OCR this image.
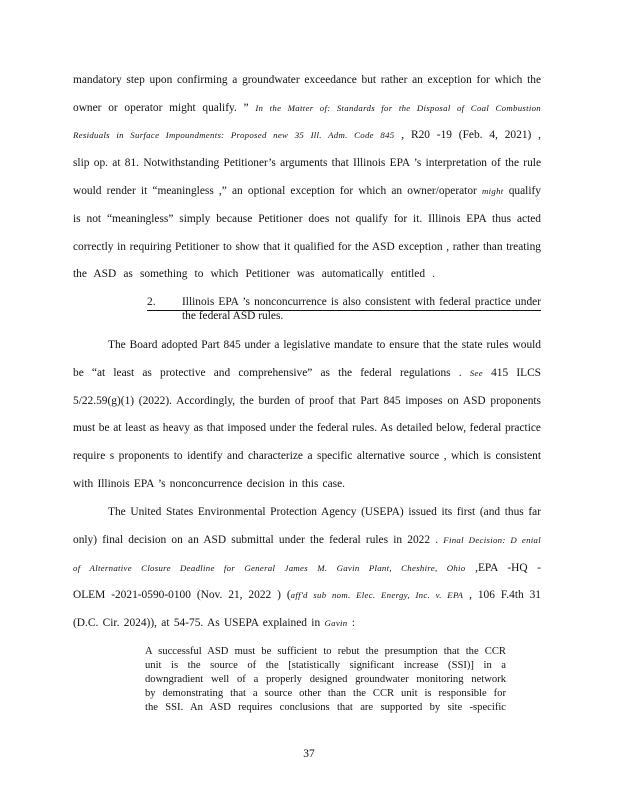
mandatory step upon confirming a groundwater exceedance but rather an exception for which the
owner or operator might qualify. ” In the Matter of: Standards for the Disposal of Coal Combustion
Residuals in Surface Impoundments: Proposed new 35 Ill. Adm. Code 845 , R20 -19 (Feb. 4, 2021) ,
slip op. at 81. Notwithstanding Petitioner’s arguments that Illinois EPA ’s interpretation of the rule
would render it “meaningless ,” an optional exception for which an owner/operator might qualify
is not “meaningless” simply because Petitioner does not qualify for it. Illinois EPA thus acted
correctly in requiring Petitioner to show that it qualified for the ASD exception , rather than treating
the ASD as something to which Petitioner was automatically entitled .
2. Illinois EPA ’s nonconcurrence is also consistent with federal practice under
the federal ASD rules.
The Board adopted Part 845 under a legislative mandate to ensure that the state rules would
be “at least as protective and comprehensive” as the federal regulations . See 415 ILCS
5/22.59(g)(1) (2022). Accordingly, the burden of proof that Part 845 imposes on ASD proponents
must be at least as heavy as that imposed under the federal rules. As detailed below, federal practice
require s proponents to identify and characterize a specific alternative source , which is consistent
with Illinois EPA ’s nonconcurrence decision in this case.
The United States Environmental Protection Agency (USEPA) issued its first (and thus far
only) final decision on an ASD submittal under the federal rules in 2022 . Final Decision: D enial
of Alternative Closure Deadline for General James M. Gavin Plant, Cheshire, Ohio ,EPA -HQ -
OLEM -2021-0590-0100 (Nov. 21, 2022 ) (aff'd sub nom. Elec. Energy, Inc. v. EPA , 106 F.4th 31
(D.C. Cir. 2024)), at 54-75. As USEPA explained in Gavin :
A successful ASD must be sufficient to rebut the presumption that the CCR
unit is the source of the [statistically significant increase (SSI)] in a
downgradient well of a properly designed groundwater monitoring network
by demonstrating that a source other than the CCR unit is responsible for
the SSI. An ASD requires conclusions that are supported by site -specific
37
